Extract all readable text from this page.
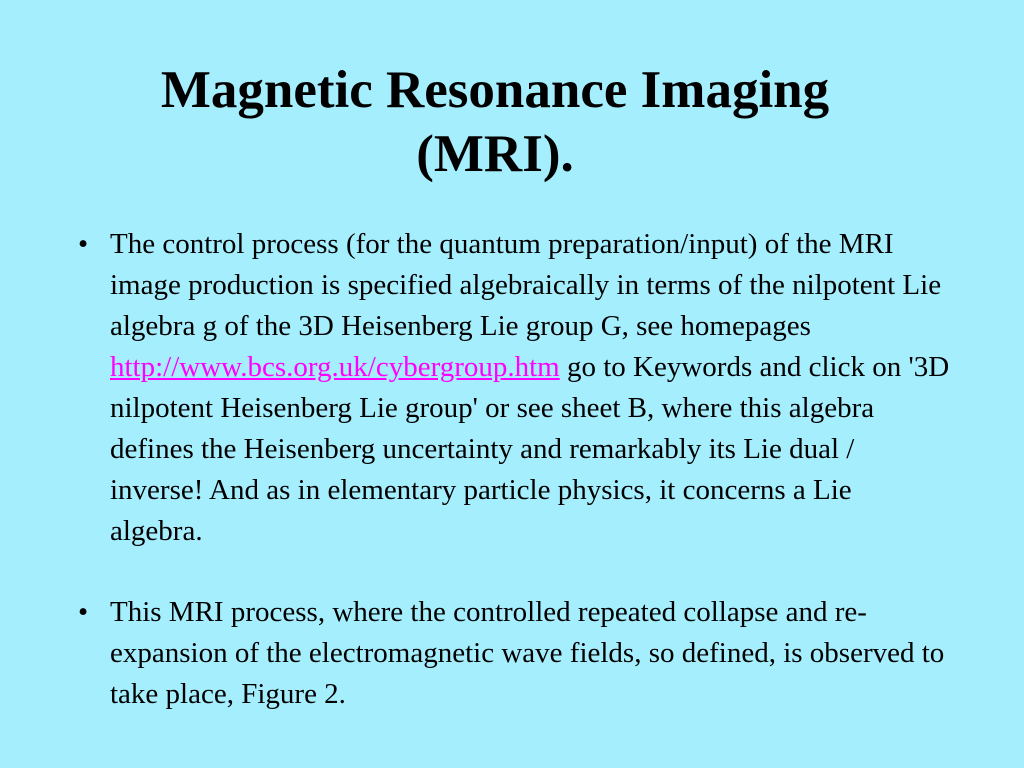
Magnetic Resonance Imaging
(MRI).
• The control process (for the quantum preparation/input) of the MRI image production is specified algebraically in terms of the nilpotent Lie algebra g of the 3D Heisenberg Lie group G, see homepages http://www.bcs.org.uk/cybergroup.htm go to Keywords and click on '3D nilpotent Heisenberg Lie group' or see sheet B, where this algebra defines the Heisenberg uncertainty and remarkably its Lie dual / inverse! And as in elementary particle physics, it concerns a Lie algebra.
• This MRI process, where the controlled repeated collapse and re-expansion of the electromagnetic wave fields, so defined, is observed to take place, Figure 2.
